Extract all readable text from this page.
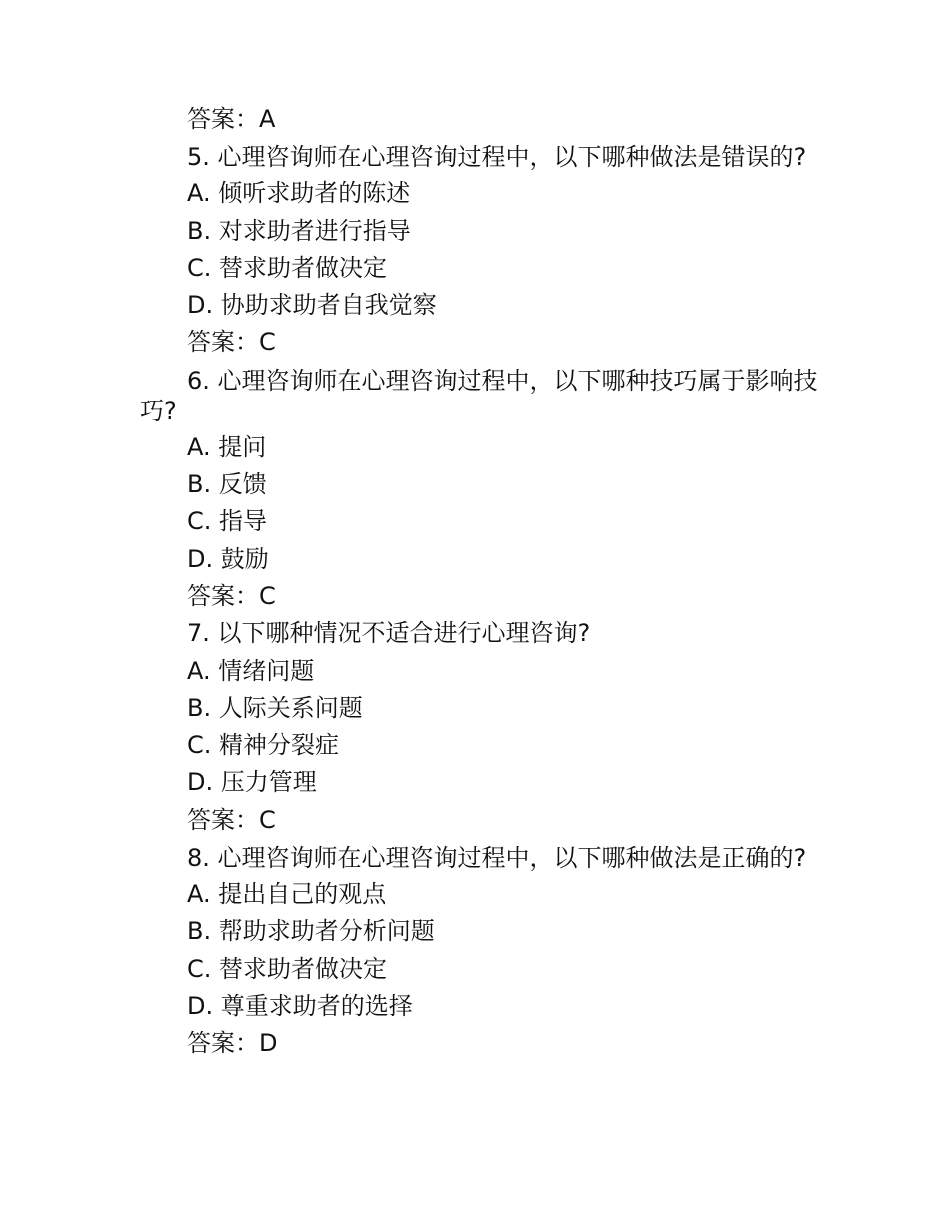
答案：A

5. 心理咨询师在心理咨询过程中，以下哪种做法是错误的?

A. 倾听求助者的陈述

B. 对求助者进行指导

C. 替求助者做决定

D. 协助求助者自我觉察

答案：C

6. 心理咨询师在心理咨询过程中，以下哪种技巧属于影响技巧?

A. 提问

B. 反馈

C. 指导

D. 鼓励

答案：C

7. 以下哪种情况不适合进行心理咨询?

A. 情绪问题

B. 人际关系问题

C. 精神分裂症

D. 压力管理

答案：C

8. 心理咨询师在心理咨询过程中，以下哪种做法是正确的?

A. 提出自己的观点

B. 帮助求助者分析问题

C. 替求助者做决定

D. 尊重求助者的选择

答案：D
